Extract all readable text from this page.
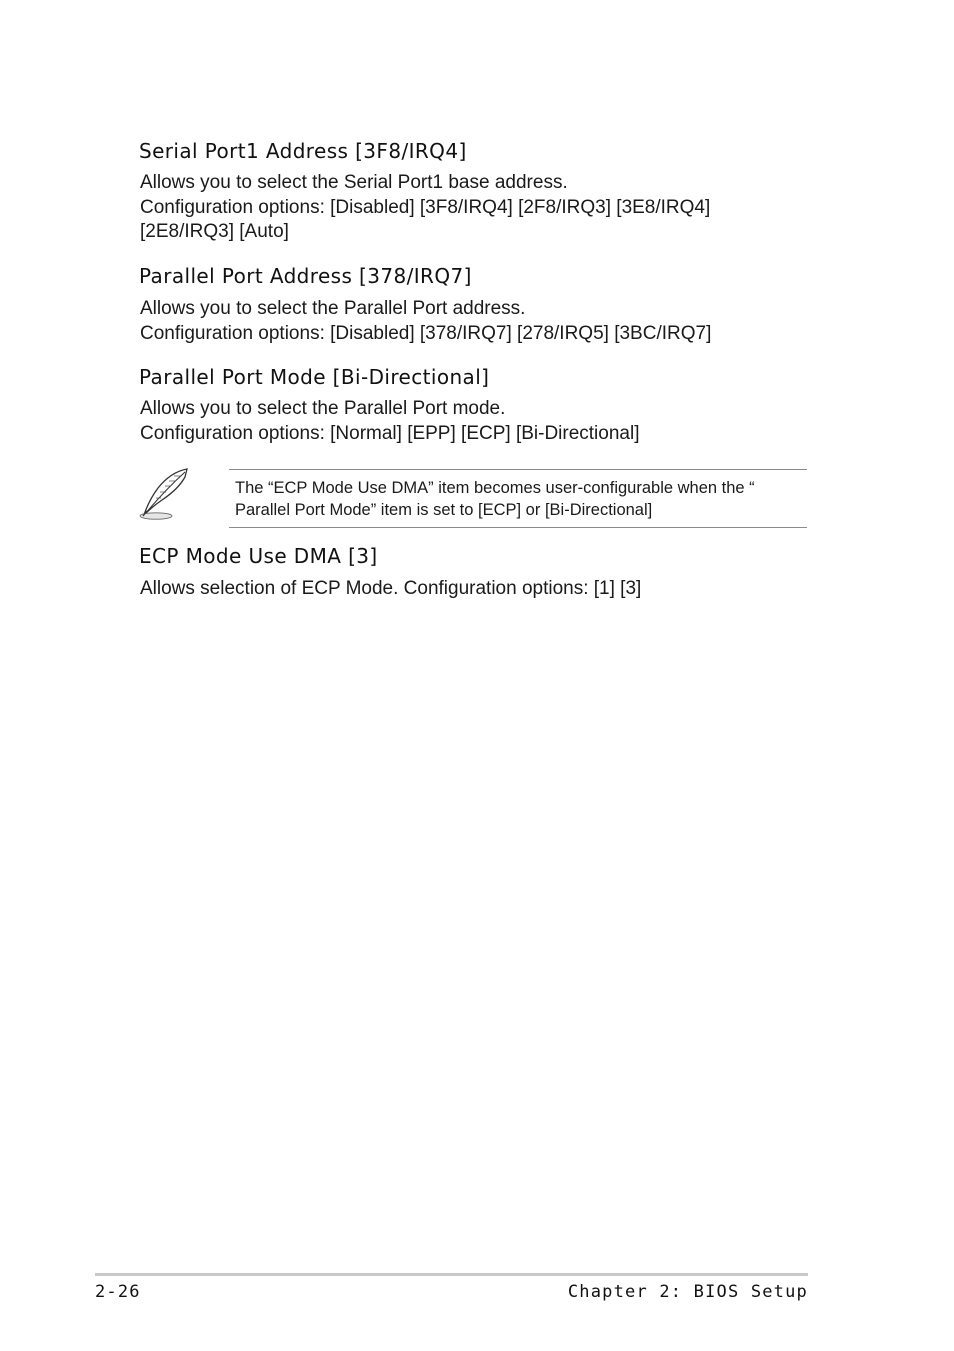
Serial Port1 Address [3F8/IRQ4]

Allows you to select the Serial Port1 base address.
Configuration options: [Disabled] [3F8/IRQ4] [2F8/IRQ3] [3E8/IRQ4]
[2E8/IRQ3] [Auto]

Parallel Port Address [378/IRQ7]

Allows you to select the Parallel Port address.
Configuration options: [Disabled] [378/IRQ7] [278/IRQ5] [3BC/IRQ7]

Parallel Port Mode [Bi-Directional]

Allows you to select the Parallel Port mode.
Configuration options: [Normal] [EPP] [ECP] [Bi-Directional]

The “ECP Mode Use DMA” item becomes user-configurable when the “
Parallel Port Mode” item is set to [ECP] or [Bi-Directional]

ECP Mode Use DMA [3]

Allows selection of ECP Mode. Configuration options: [1] [3]

2-26	Chapter 2: BIOS Setup
